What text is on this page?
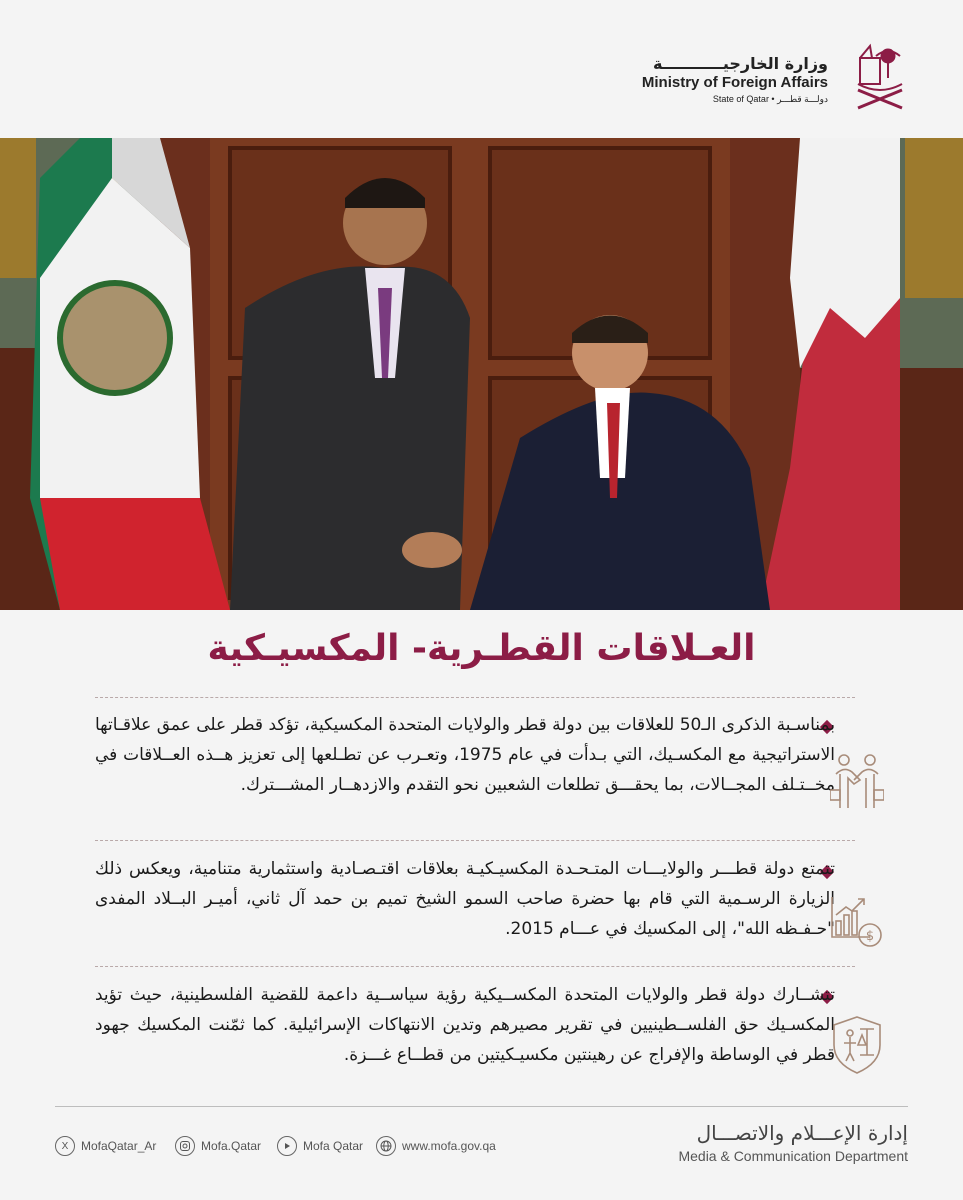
وزارة الخارجيـــــــــــة
Ministry of Foreign Affairs
State of Qatar • دولـــة قطـــر
العـلاقات القطـرية- المكسيـكية
بمناسـبة الذكرى الـ50 للعلاقات بين دولة قطر والولايات المتحدة المكسيكية، تؤكد قطر على عمق علاقـاتها الاستراتيجية مع المكسـيك، التي بـدأت في عام 1975، وتعـرب عن تطـلعها إلى تعزيز هــذه العــلاقات في مخــتـلف المجــالات، بما يحقـــق تطلعات الشعبين نحو التقدم والازدهــار المشـــترك.
تتمتع دولة قطـــر والولايـــات المتـحـدة المكسيـكيـة بعلاقات اقتـصـادية واستثمارية متنامية، ويعكس ذلك الزيارة الرسـمية التي قام بها حضرة صاحب السمو الشيخ تميم بن حمد آل ثاني، أميـر البــلاد المفدى "حـفـظه الله"، إلى المكسيك في عـــام 2015. $
تتشــارك دولة قطر والولايات المتحدة المكســيكية رؤية سياســية داعمة للقضية الفلسطينية، حيث تؤيد المكسـيك حق الفلســطينيين في تقرير مصيرهم وتدين الانتهاكات الإسرائيلية. كما ثمّنت المكسيك جهود قطر في الوساطة والإفراج عن رهينتين مكسيـكيتين من قطــاع غـــزة.
X	MofaQatar_Ar	Mofa.Qatar	Mofa Qatar	www.mofa.gov.qa
إدارة الإعـــلام والاتصـــال
Media & Communication Department
